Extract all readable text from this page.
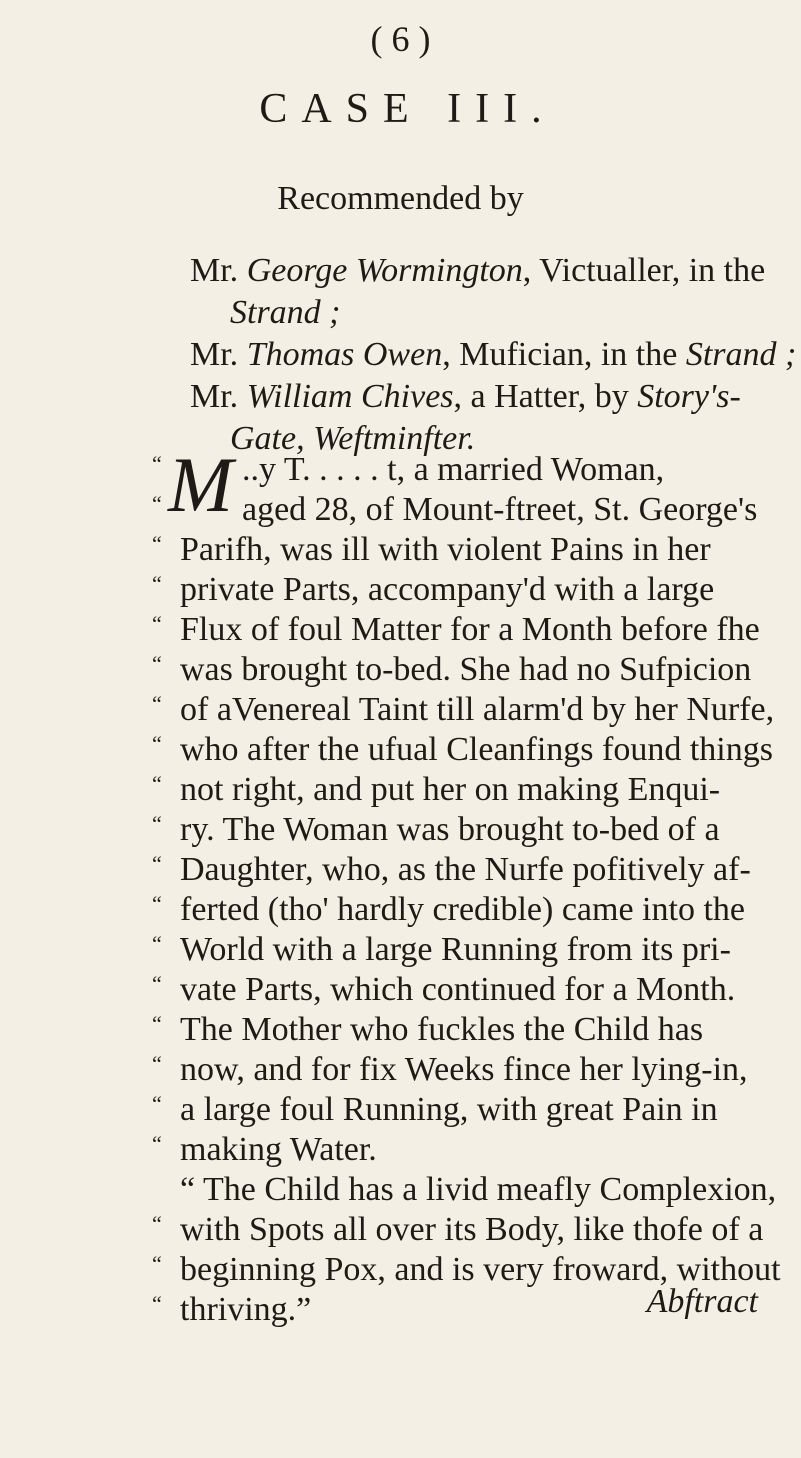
( 6 )
CASE III.
Recommended by
Mr. George Wormington, Victualler, in the
Strand ;
Mr. Thomas Owen, Mufician, in the Strand ;
Mr. William Chives, a Hatter, by Story's-
Gate, Weftminfter.
“ M ..y T. . . . . t, a married Woman,
“ aged 28, of Mount-ftreet, St. George's
“ Parifh, was ill with violent Pains in her
“ private Parts, accompany'd with a large
“ Flux of foul Matter for a Month before fhe
“ was brought to-bed. She had no Sufpicion
“ of aVenereal Taint till alarm'd by her Nurfe,
“ who after the ufual Cleanfings found things
“ not right, and put her on making Enqui-
“ ry. The Woman was brought to-bed of a
“ Daughter, who, as the Nurfe pofitively af-
“ ferted (tho' hardly credible) came into the
“ World with a large Running from its pri-
“ vate Parts, which continued for a Month.
“ The Mother who fuckles the Child has
“ now, and for fix Weeks fince her lying-in,
“ a large foul Running, with great Pain in
“ making Water.
“ The Child has a livid meafly Complexion,
“ with Spots all over its Body, like thofe of a
“ beginning Pox, and is very froward, without
“ thriving.”	Abftract
